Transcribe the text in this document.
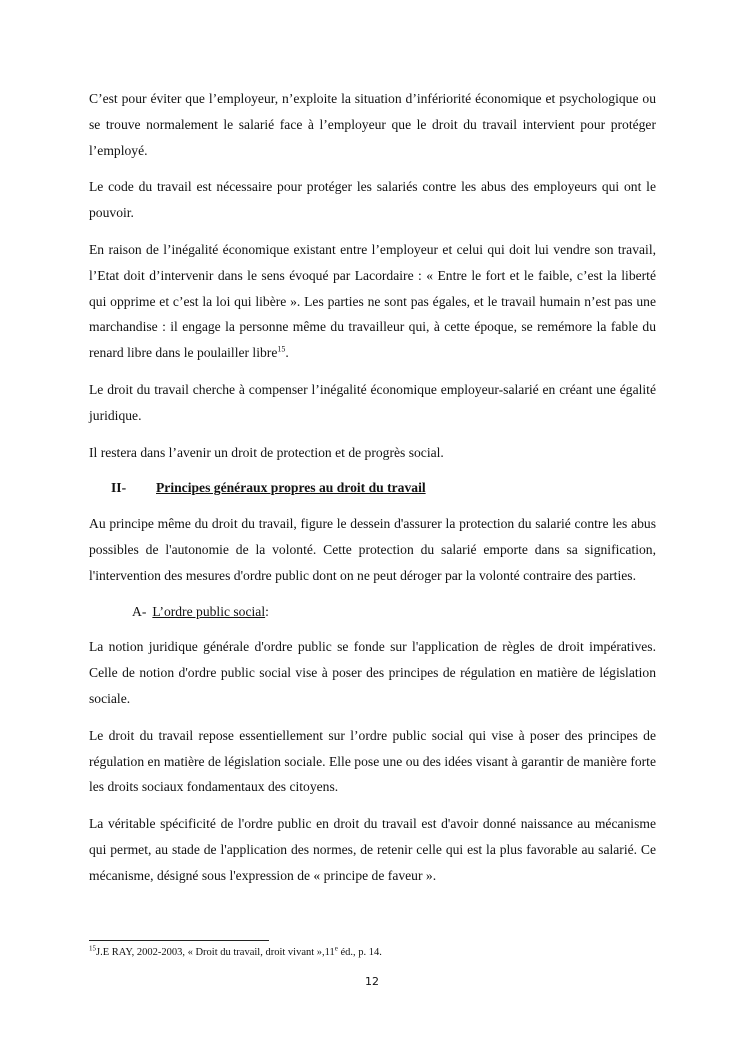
C’est pour éviter que l’employeur, n’exploite la situation d’infériorité économique et psychologique ou se trouve normalement le salarié face à l’employeur que le droit du travail intervient pour protéger l’employé.

Le code du travail est nécessaire pour protéger les salariés contre les abus des employeurs qui ont le pouvoir.

En raison de l’inégalité économique existant entre l’employeur et celui qui doit lui vendre son travail, l’Etat doit d’intervenir dans le sens évoqué par Lacordaire : « Entre le fort et le faible, c’est la liberté qui opprime et c’est la loi qui libère ». Les parties ne sont pas égales, et le travail humain n’est pas une marchandise : il engage la personne même du travailleur qui, à cette époque, se remémore la fable du renard libre dans le poulailler libre$^{15}$.

Le droit du travail cherche à compenser l’inégalité économique employeur-salarié en créant une égalité juridique.

Il restera dans l’avenir un droit de protection et de progrès social.

II- Principes généraux propres au droit du travail

Au principe même du droit du travail, figure le dessein d'assurer la protection du salarié contre les abus possibles de l'autonomie de la volonté. Cette protection du salarié emporte dans sa signification, l'intervention des mesures d'ordre public dont on ne peut déroger par la volonté contraire des parties.

A- L’ordre public social:

La notion juridique générale d'ordre public se fonde sur l'application de règles de droit impératives. Celle de notion d'ordre public social vise à poser des principes de régulation en matière de législation sociale.

Le droit du travail repose essentiellement sur l’ordre public social qui vise à poser des principes de régulation en matière de législation sociale. Elle pose une ou des idées visant à garantir de manière forte les droits sociaux fondamentaux des citoyens.

La véritable spécificité de l'ordre public en droit du travail est d'avoir donné naissance au mécanisme qui permet, au stade de l'application des normes, de retenir celle qui est la plus favorable au salarié. Ce mécanisme, désigné sous l'expression de « principe de faveur ».

$^{15}$J.E RAY, 2002-2003, « Droit du travail, droit vivant »,11e éd., p. 14.
12
